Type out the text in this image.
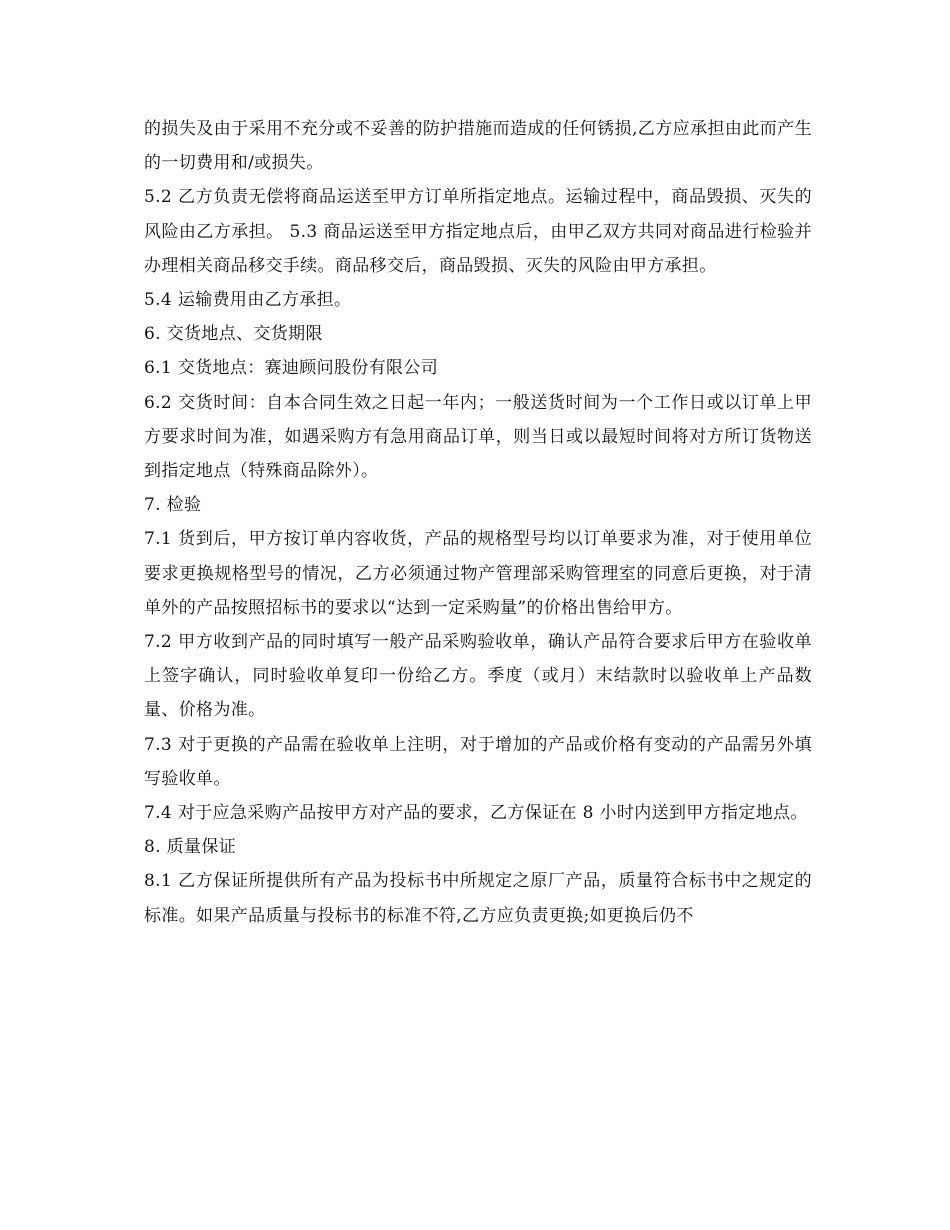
的损失及由于采用不充分或不妥善的防护措施而造成的任何锈损,乙方应承担由此而产生的一切费用和/或损失。

5.2 乙方负责无偿将商品运送至甲方订单所指定地点。运输过程中，商品毁损、灭失的风险由乙方承担。 5.3 商品运送至甲方指定地点后，由甲乙双方共同对商品进行检验并办理相关商品移交手续。商品移交后，商品毁损、灭失的风险由甲方承担。

5.4 运输费用由乙方承担。

6. 交货地点、交货期限

6.1 交货地点：赛迪顾问股份有限公司

6.2 交货时间：自本合同生效之日起一年内；一般送货时间为一个工作日或以订单上甲方要求时间为准，如遇采购方有急用商品订单，则当日或以最短时间将对方所订货物送到指定地点（特殊商品除外）。

7. 检验

7.1 货到后，甲方按订单内容收货，产品的规格型号均以订单要求为准，对于使用单位要求更换规格型号的情况，乙方必须通过物产管理部采购管理室的同意后更换，对于清单外的产品按照招标书的要求以“达到一定采购量”的价格出售给甲方。

7.2 甲方收到产品的同时填写一般产品采购验收单，确认产品符合要求后甲方在验收单上签字确认，同时验收单复印一份给乙方。季度（或月）末结款时以验收单上产品数量、价格为准。

7.3 对于更换的产品需在验收单上注明，对于增加的产品或价格有变动的产品需另外填写验收单。

7.4 对于应急采购产品按甲方对产品的要求，乙方保证在 8 小时内送到甲方指定地点。

8. 质量保证

8.1 乙方保证所提供所有产品为投标书中所规定之原厂产品，质量符合标书中之规定的标准。如果产品质量与投标书的标准不符,乙方应负责更换;如更换后仍不
